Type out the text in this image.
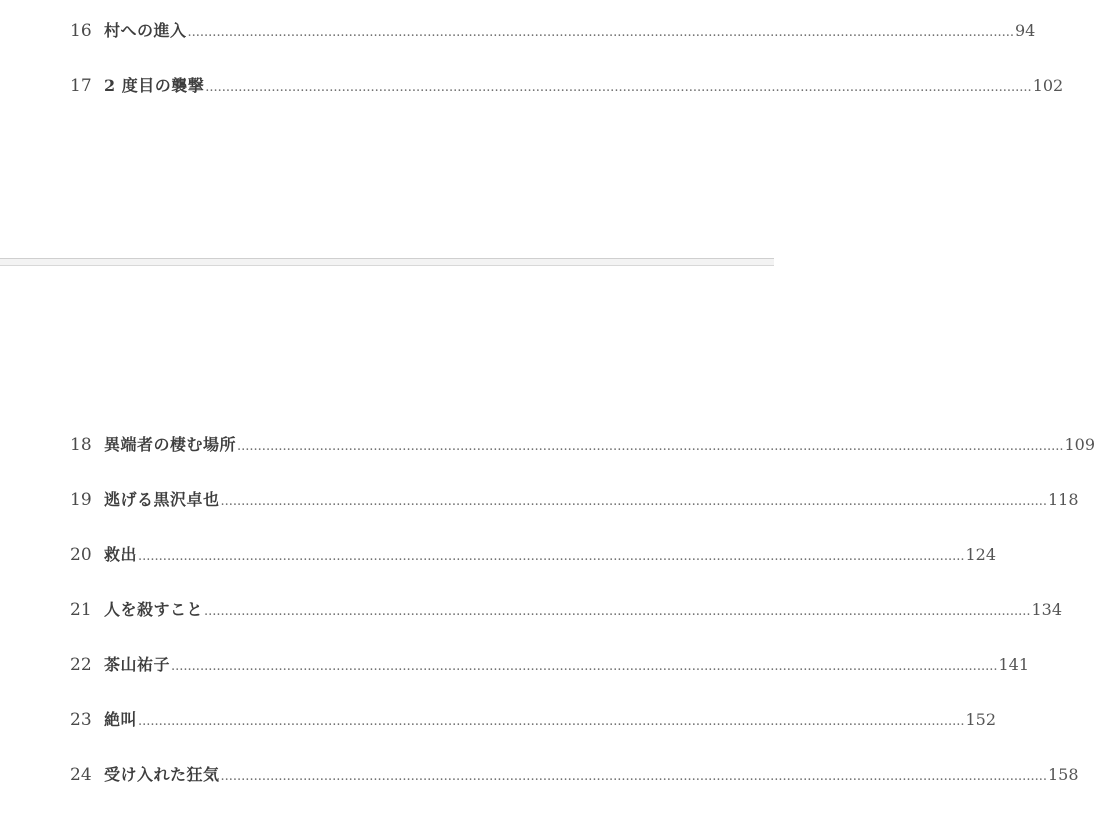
16 村への進入 ........................................................................................................................................................................................................ 94
17 2 度目の襲撃 ........................................................................................................................................................................................................ 102
18 異端者の棲む場所 ........................................................................................................................................................................................................ 109
19 逃げる黒沢卓也 ........................................................................................................................................................................................................ 118
20 救出 ........................................................................................................................................................................................................ 124
21 人を殺すこと ........................................................................................................................................................................................................ 134
22 茶山祐子 ........................................................................................................................................................................................................ 141
23 絶叫 ........................................................................................................................................................................................................ 152
24 受け入れた狂気 ........................................................................................................................................................................................................ 158
